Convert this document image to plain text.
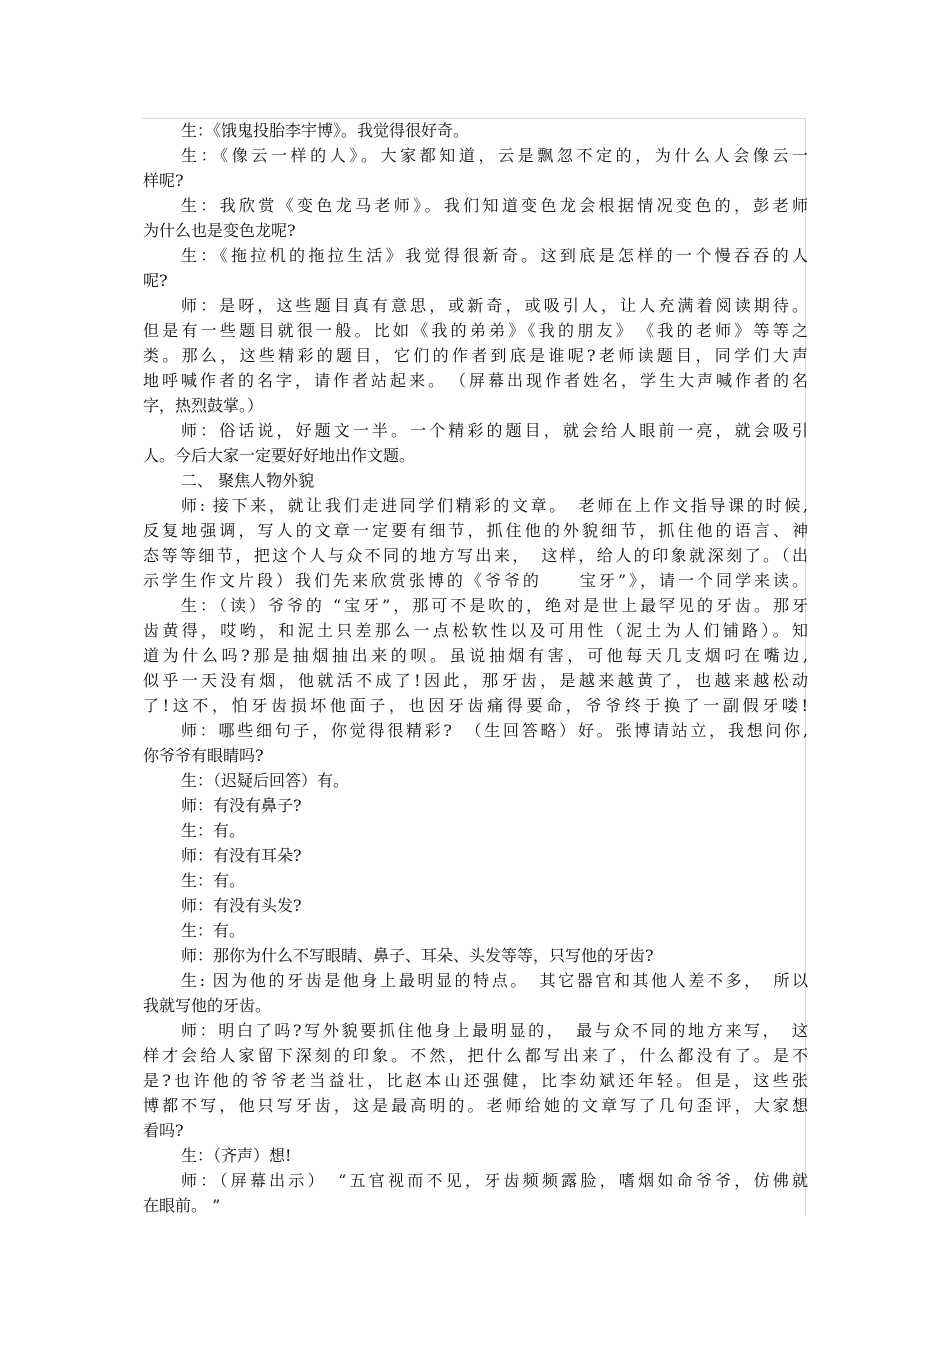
生：《饿鬼投胎李宇博》。我觉得很好奇。
生：《像云一样的人》。大家都知道，云是飘忽不定的，为什么人会像云一
样呢?
生：我欣赏《变色龙马老师》。我们知道变色龙会根据情况变色的，彭老师
为什么也是变色龙呢?
生：《拖拉机的拖拉生活》我觉得很新奇。这到底是怎样的一个慢吞吞的人
呢?
师：是呀，这些题目真有意思，或新奇，或吸引人，让人充满着阅读期待。
但是有一些题目就很一般。比如《我的弟弟》《我的朋友》　《我的老师》等等之
类。那么，这些精彩的题目，它们的作者到底是谁呢?老师读题目，同学们大声
地呼喊作者的名字，请作者站起来。　（屏幕出现作者姓名，学生大声喊作者的名
字，热烈鼓掌。）
师：俗话说，好题文一半。一个精彩的题目，就会给人眼前一亮，就会吸引
人。今后大家一定要好好地出作文题。
二、 聚焦人物外貌
师: 接下来，就让我们走进同学们精彩的文章。　老师在上作文指导课的时候,
反复地强调，写人的文章一定要有细节，抓住他的外貌细节，抓住他的语言、神
态等等细节，把这个人与众不同的地方写出来，　这样，给人的印象就深刻了。（出
示学生作文片段）我们先来欣赏张博的《爷爷的　　宝牙”》，请一个同学来读。
生：（读）爷爷的 “宝牙”，那可不是吹的，绝对是世上最罕见的牙齿。那牙
齿黄得，哎哟，和泥土只差那么一点松软性以及可用性（泥土为人们铺路）。知
道为什么吗?那是抽烟抽出来的呗。虽说抽烟有害，可他每天几支烟叼在嘴边,
似乎一天没有烟，他就活不成了!因此，那牙齿，是越来越黄了，也越来越松动
了!这不，怕牙齿损坏他面子，也因牙齿痛得要命，爷爷终于换了一副假牙喽!
师：哪些细句子，你觉得很精彩?　（生回答略）好。张博请站立，我想问你,
你爷爷有眼睛吗?
生：（迟疑后回答）有。
师：有没有鼻子?
生：有。
师：有没有耳朵?
生：有。
师：有没有头发?
生：有。
师：那你为什么不写眼睛、鼻子、耳朵、头发等等，只写他的牙齿?
生: 因为他的牙齿是他身上最明显的特点。　其它器官和其他人差不多，　所以
我就写他的牙齿。
师：明白了吗?写外貌要抓住他身上最明显的，　最与众不同的地方来写，　这
样才会给人家留下深刻的印象。不然，把什么都写出来了，什么都没有了。是不
是?也许他的爷爷老当益壮，比赵本山还强健，比李幼斌还年轻。但是，这些张
博都不写，他只写牙齿，这是最高明的。老师给她的文章写了几句歪评，大家想
看吗?
生：（齐声）想!
师：（屏幕出示）　“五官视而不见，牙齿频频露脸，嗜烟如命爷爷，仿佛就
在眼前。 ”
